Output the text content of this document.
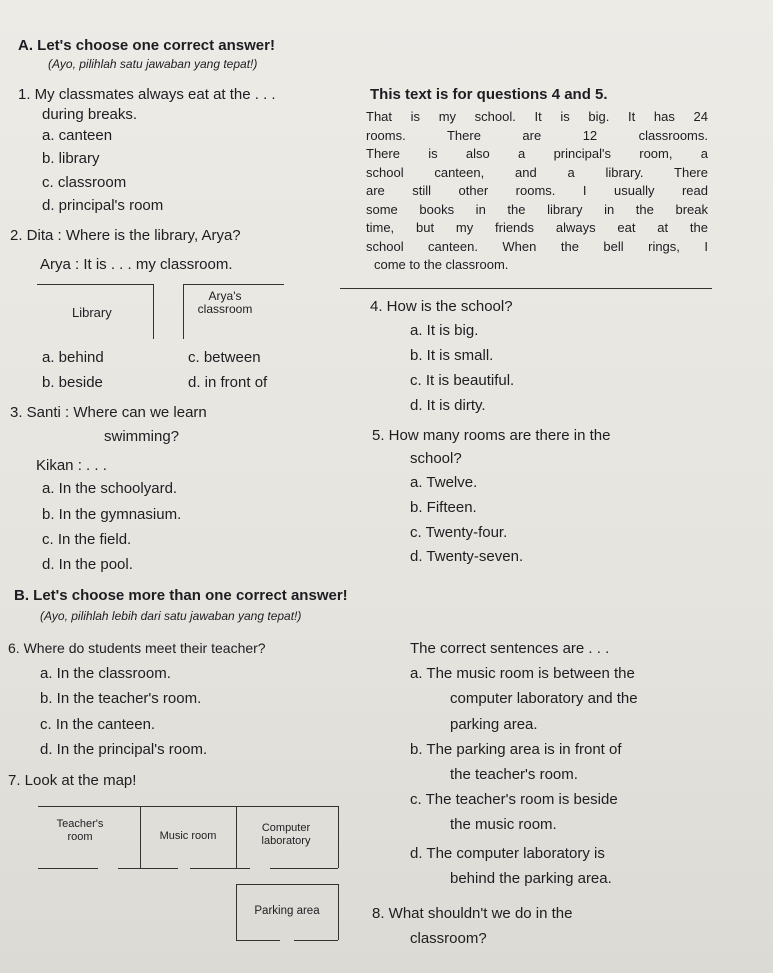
A. Let's choose one correct answer!
(Ayo, pilihlah satu jawaban yang tepat!)
1. My classmates always eat at the . . .
during breaks.
a. canteen
b. library
c. classroom
d. principal's room
2. Dita : Where is the library, Arya?
Arya : It is . . . my classroom.
Library
Arya's
classroom
a. behind	c. between
b. beside	d. in front of
3. Santi : Where can we learn
swimming?
Kikan : . . .
a. In the schoolyard.
b. In the gymnasium.
c. In the field.
d. In the pool.
This text is for questions 4 and 5.
That is my school. It is big. It has 24
rooms. There are 12 classrooms.
There is also a principal's room, a
school canteen, and a library. There
are still other rooms. I usually read
some books in the library in the break
time, but my friends always eat at the
school canteen. When the bell rings, I
come to the classroom.
4. How is the school?
a. It is big.
b. It is small.
c. It is beautiful.
d. It is dirty.
5. How many rooms are there in the
school?
a. Twelve.
b. Fifteen.
c. Twenty-four.
d. Twenty-seven.
B. Let's choose more than one correct answer!
(Ayo, pilihlah lebih dari satu jawaban yang tepat!)
6. Where do students meet their teacher?
a. In the classroom.
b. In the teacher's room.
c. In the canteen.
d. In the principal's room.
7. Look at the map!
Teacher's
room	Music room
Computer
laboratory
Parking area
The correct sentences are . . .
a. The music room is between the
computer laboratory and the
parking area.
b. The parking area is in front of
the teacher's room.
c. The teacher's room is beside
the music room.
d. The computer laboratory is
behind the parking area.
8. What shouldn't we do in the
classroom?
